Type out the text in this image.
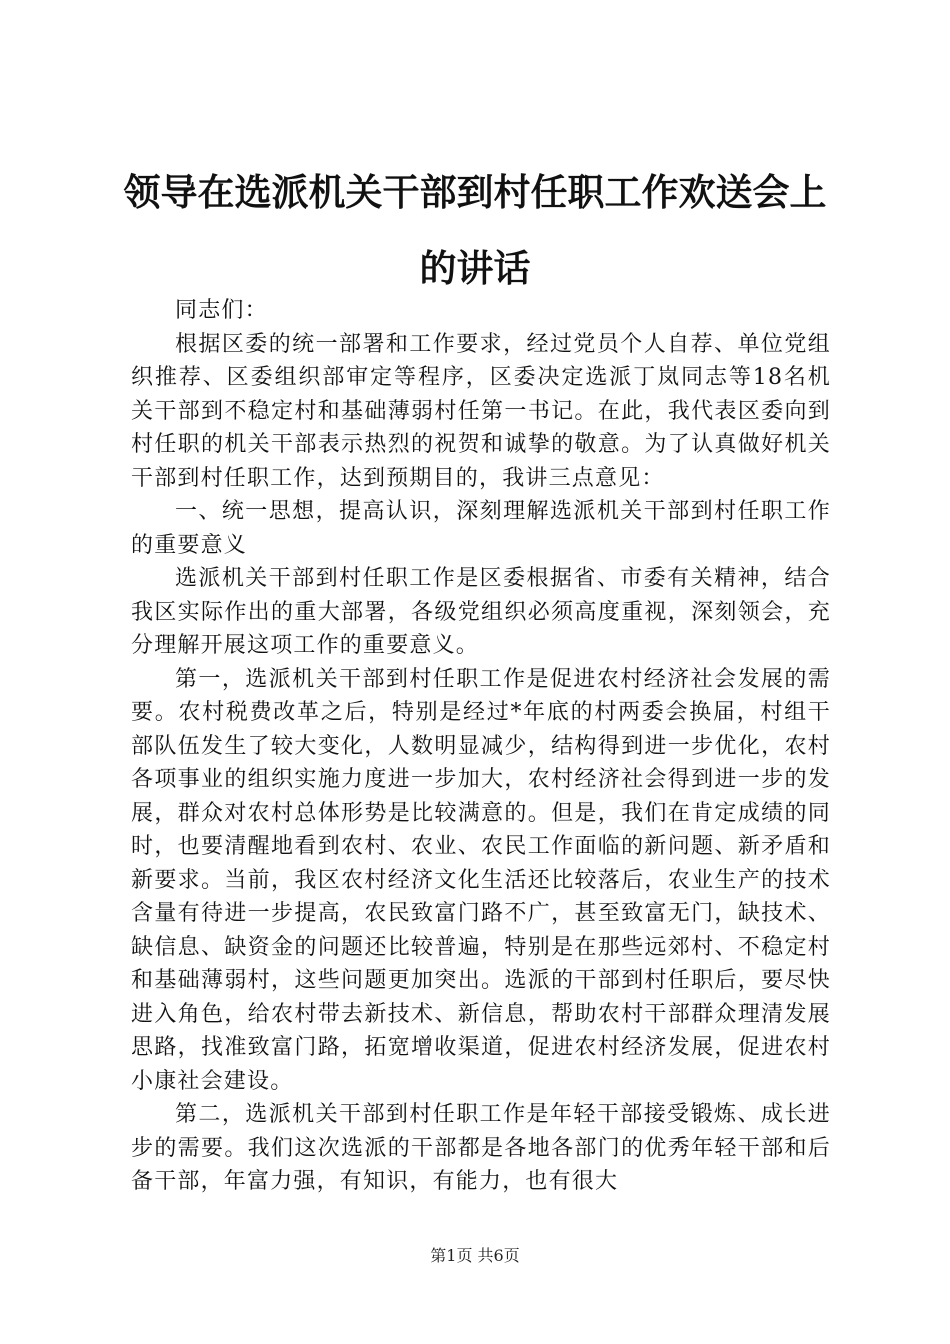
领导在选派机关干部到村任职工作欢送会上的讲话

同志们：

根据区委的统一部署和工作要求，经过党员个人自荐、单位党组织推荐、区委组织部审定等程序，区委决定选派丁岚同志等18名机关干部到不稳定村和基础薄弱村任第一书记。在此，我代表区委向到村任职的机关干部表示热烈的祝贺和诚挚的敬意。为了认真做好机关干部到村任职工作，达到预期目的，我讲三点意见：

一、统一思想，提高认识，深刻理解选派机关干部到村任职工作的重要意义

选派机关干部到村任职工作是区委根据省、市委有关精神，结合我区实际作出的重大部署，各级党组织必须高度重视，深刻领会，充分理解开展这项工作的重要意义。

第一，选派机关干部到村任职工作是促进农村经济社会发展的需要。农村税费改革之后，特别是经过*年底的村两委会换届，村组干部队伍发生了较大变化，人数明显减少，结构得到进一步优化，农村各项事业的组织实施力度进一步加大，农村经济社会得到进一步的发展，群众对农村总体形势是比较满意的。但是，我们在肯定成绩的同时，也要清醒地看到农村、农业、农民工作面临的新问题、新矛盾和新要求。当前，我区农村经济文化生活还比较落后，农业生产的技术含量有待进一步提高，农民致富门路不广，甚至致富无门，缺技术、缺信息、缺资金的问题还比较普遍，特别是在那些远郊村、不稳定村和基础薄弱村，这些问题更加突出。选派的干部到村任职后，要尽快进入角色，给农村带去新技术、新信息，帮助农村干部群众理清发展思路，找准致富门路，拓宽增收渠道，促进农村经济发展，促进农村小康社会建设。

第二，选派机关干部到村任职工作是年轻干部接受锻炼、成长进步的需要。我们这次选派的干部都是各地各部门的优秀年轻干部和后备干部，年富力强，有知识，有能力，也有很大

第1页 共6页
